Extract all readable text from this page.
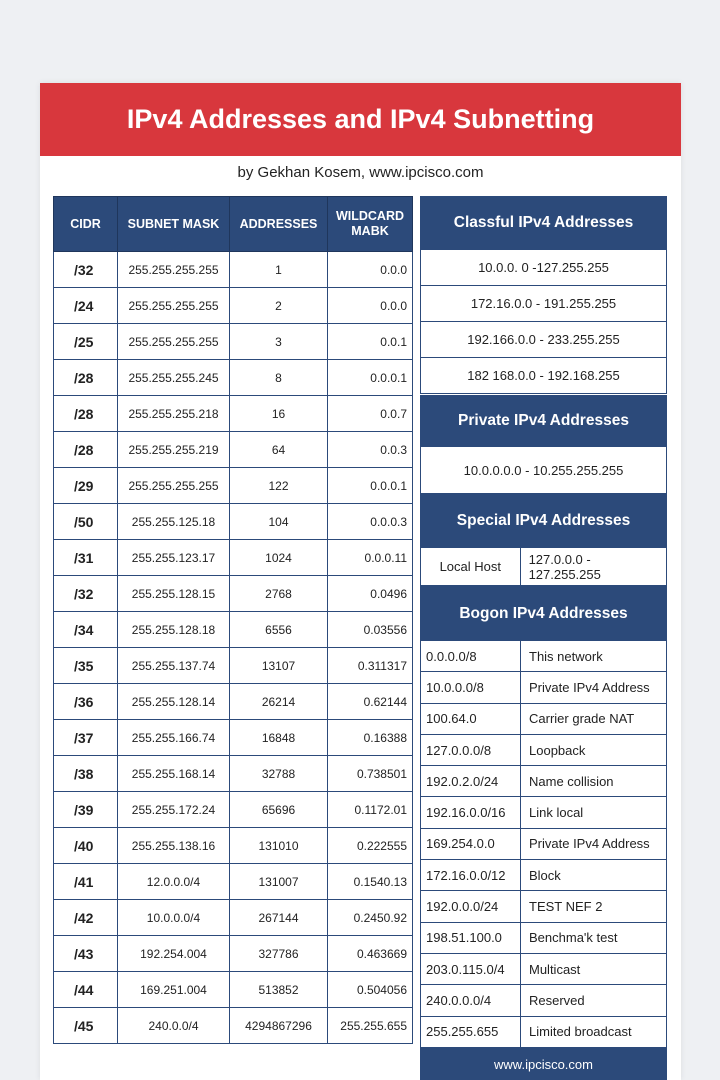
IPv4 Addresses and IPv4 Subnetting
by Gekhan Kosem, www.ipcisco.com
CIDR	SUBNET MASK	ADDRESSES	WILDCARD MABK
/32	255.255.255.255	1	0.0.0
/24	255.255.255.255	2	0.0.0
/25	255.255.255.255	3	0.0.1
/28	255.255.255.245	8	0.0.0.1
/28	255.255.255.218	16	0.0.7
/28	255.255.255.219	64	0.0.3
/29	255.255.255.255	122	0.0.0.1
/50	255.255.125.18	104	0.0.0.3
/31	255.255.123.17	1024	0.0.0.11
/32	255.255.128.15	2768	0.0496
/34	255.255.128.18	6556	0.03556
/35	255.255.137.74	13107	0.311317
/36	255.255.128.14	26214	0.62144
/37	255.255.166.74	16848	0.16388
/38	255.255.168.14	32788	0.738501
/39	255.255.172.24	65696	0.1172.01
/40	255.255.138.16	131010	0.222555
/41	12.0.0.0/4	131007	0.1540.13
/42	10.0.0.0/4	267144	0.2450.92
/43	192.254.004	327786	0.463669
/44	169.251.004	513852	0.504056
/45	240.0.0/4	4294867296	255.255.655
Classful IPv4 Addresses
10.0.0. 0 -127.255.255
172.16.0.0 - 191.255.255
192.166.0.0 - 233.255.255
182 168.0.0 - 192.168.255
Private IPv4 Addresses
10.0.0.0.0 - 10.255.255.255
Special IPv4 Addresses
Local Host	127.0.0.0 - 127.255.255
Bogon IPv4 Addresses
0.0.0.0/8	This network
10.0.0.0/8	Private IPv4 Address
100.64.0	Carrier grade NAT
127.0.0.0/8	Loopback
192.0.2.0/24	Name collision
192.16.0.0/16	Link local
169.254.0.0	Private IPv4 Address
172.16.0.0/12	Block
192.0.0.0/24	TEST NEF 2
198.51.100.0	Benchma'k test
203.0.115.0/4	Multicast
240.0.0.0/4	Reserved
255.255.655	Limited broadcast
www.ipcisco.com
